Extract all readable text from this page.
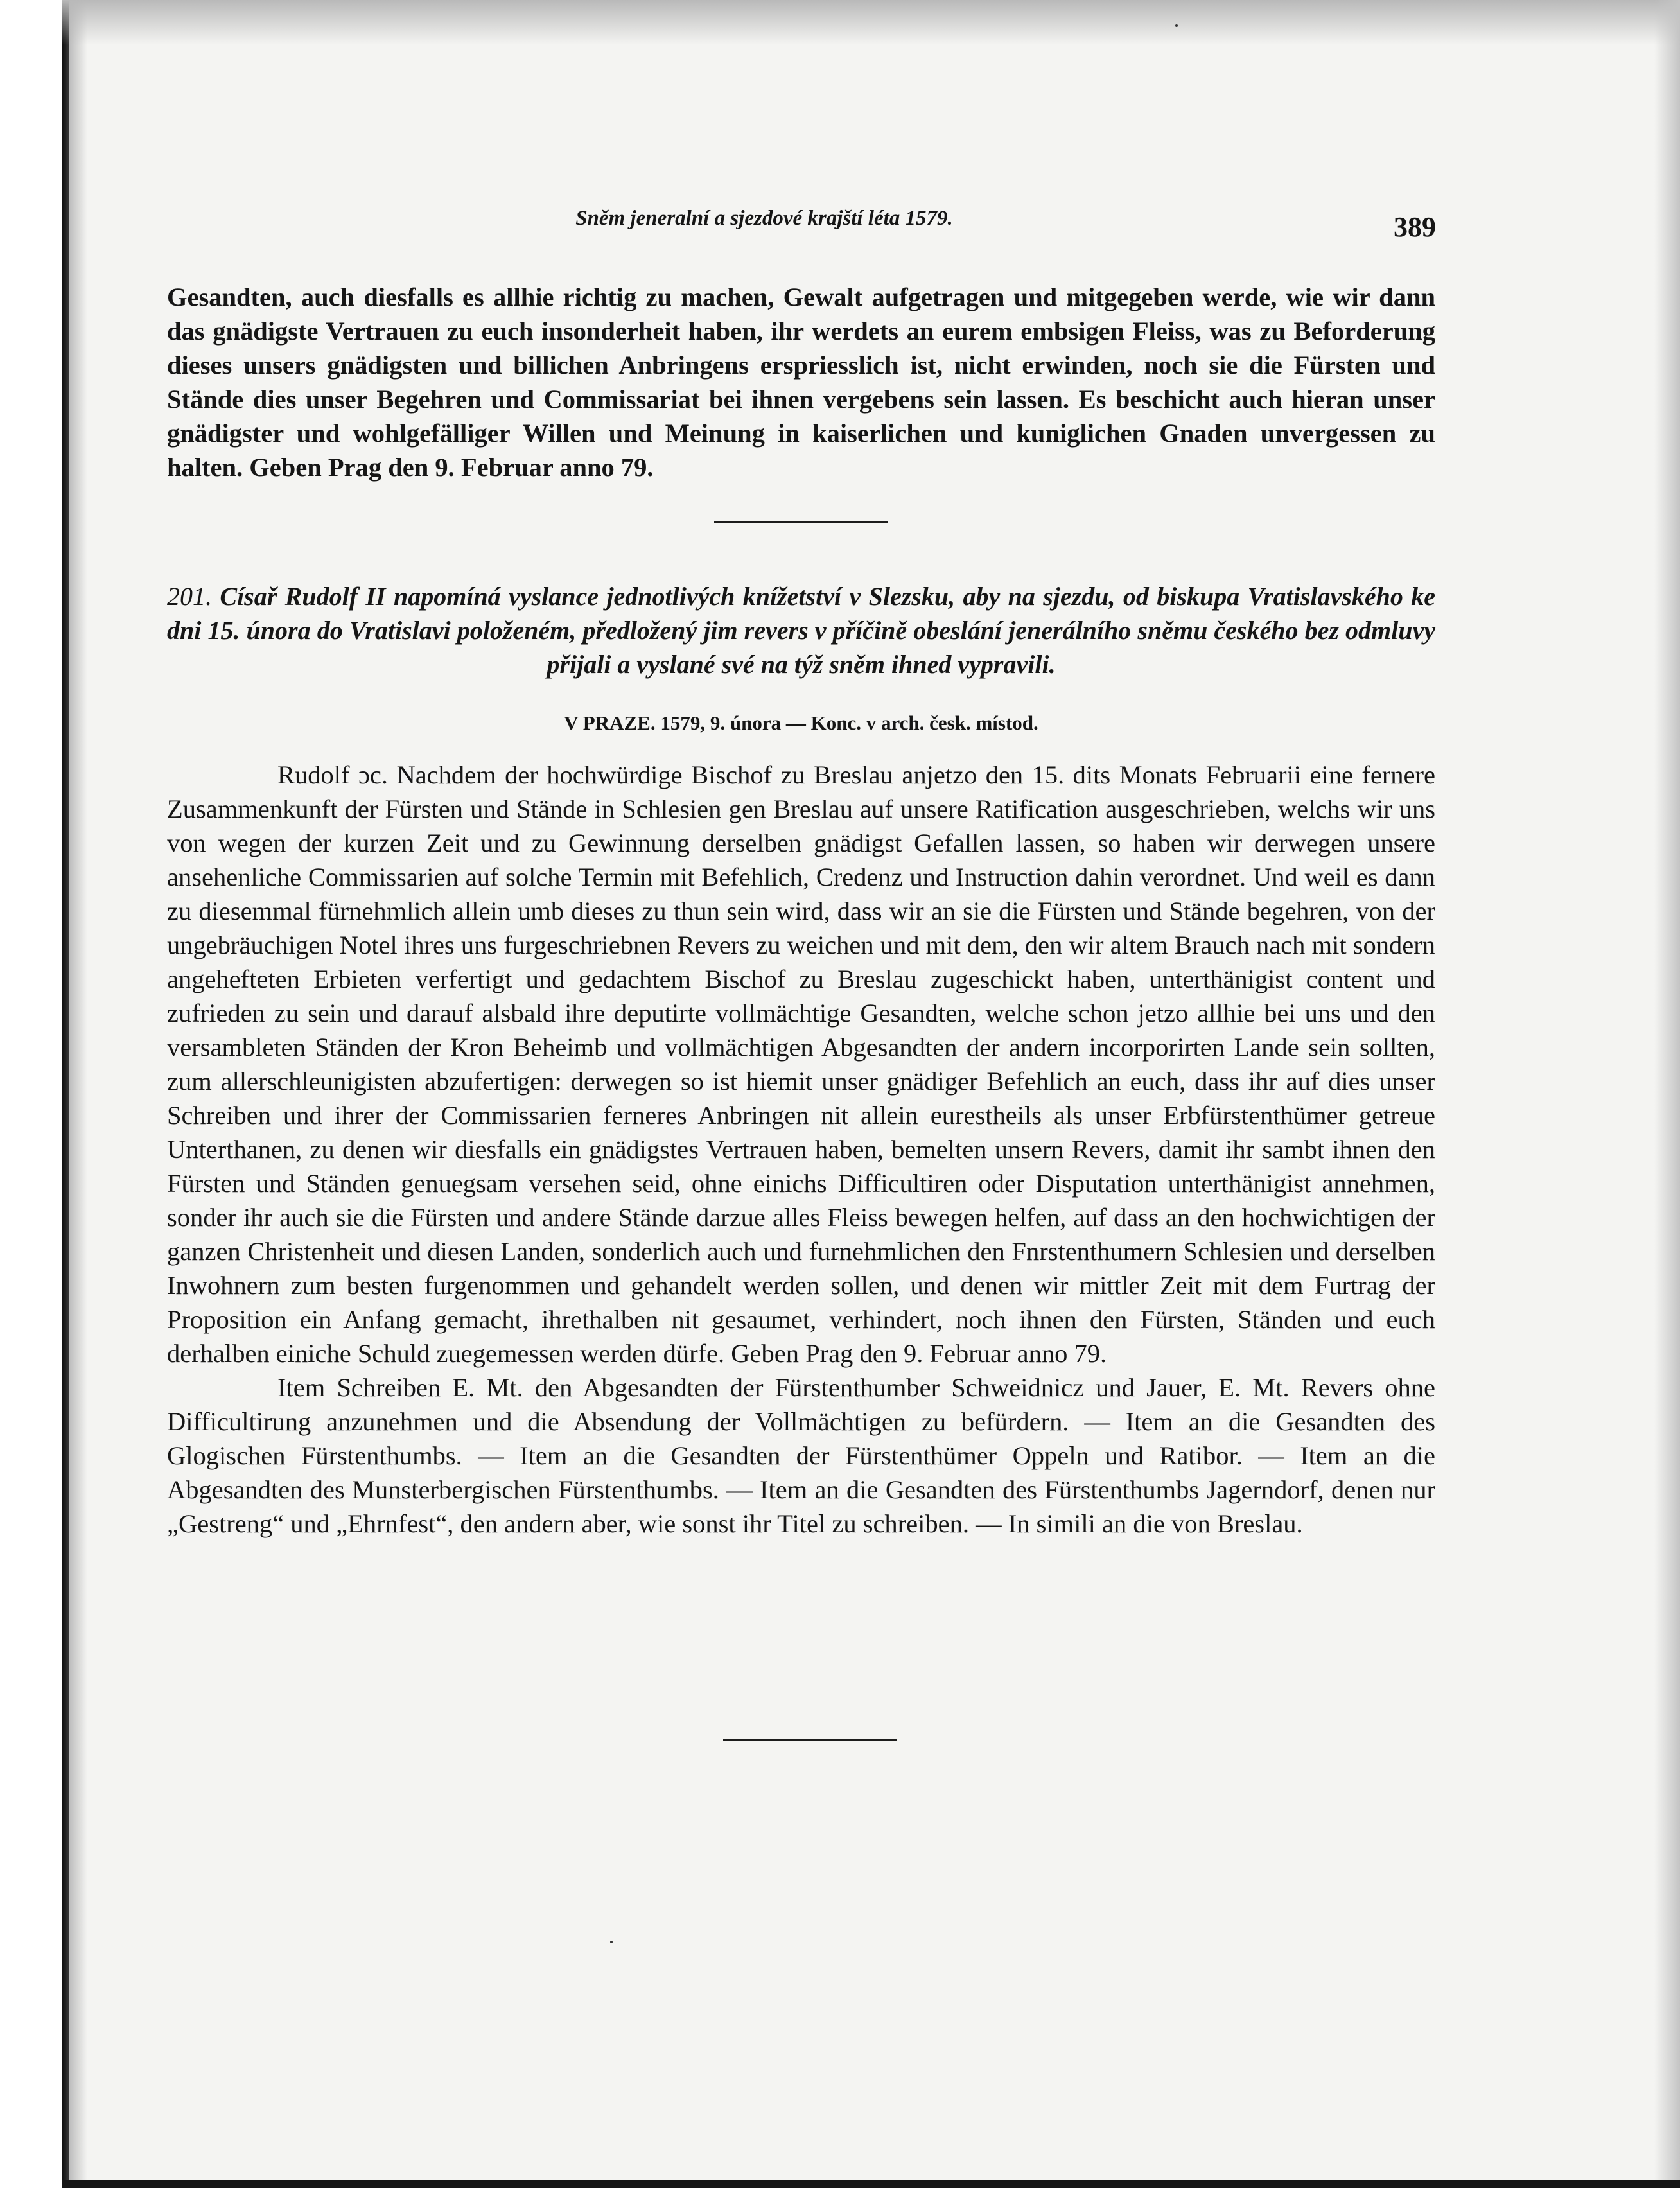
Sněm jeneralní a sjezdové krajští léta 1579.	389

Gesandten, auch diesfalls es allhie richtig zu machen, Gewalt aufgetragen und mitgegeben werde, wie wir dann das gnädigste Vertrauen zu euch insonderheit haben, ihr werdets an eurem embsigen Fleiss, was zu Beforderung dieses unsers gnädigsten und billichen Anbringens erspriesslich ist, nicht erwinden, noch sie die Fürsten und Stände dies unser Begehren und Commissariat bei ihnen vergebens sein lassen. Es beschicht auch hieran unser gnädigster und wohlgefälliger Willen und Meinung in kaiserlichen und kuniglichen Gnaden unvergessen zu halten. Geben Prag den 9. Februar anno 79.

201. Císař Rudolf II napomíná vyslance jednotlivých knížetství v Slezsku, aby na sjezdu, od biskupa Vratislavského ke dni 15. února do Vratislavi položeném, předložený jim revers v příčině obeslání jenerálního sněmu českého bez odmluvy přijali a vyslané své na týž sněm ihned vypravili.
V PRAZE. 1579, 9. února — Konc. v arch. česk. místod.

Rudolf ɔc. Nachdem der hochwürdige Bischof zu Breslau anjetzo den 15. dits Monats Februarii eine fernere Zusammenkunft der Fürsten und Stände in Schlesien gen Breslau auf unsere Ratification ausgeschrieben, welchs wir uns von wegen der kurzen Zeit und zu Gewinnung derselben gnädigst Gefallen lassen, so haben wir derwegen unsere ansehenliche Commissarien auf solche Termin mit Befehlich, Credenz und Instruction dahin verordnet. Und weil es dann zu diesemmal fürnehmlich allein umb dieses zu thun sein wird, dass wir an sie die Fürsten und Stände begehren, von der ungebräuchigen Notel ihres uns furgeschriebnen Revers zu weichen und mit dem, den wir altem Brauch nach mit sondern angehefteten Erbieten verfertigt und gedachtem Bischof zu Breslau zugeschickt haben, unterthänigist content und zufrieden zu sein und darauf alsbald ihre deputirte vollmächtige Gesandten, welche schon jetzo allhie bei uns und den versambleten Ständen der Kron Beheimb und vollmächtigen Abgesandten der andern incorporirten Lande sein sollten, zum allerschleunigisten abzufertigen: derwegen so ist hiemit unser gnädiger Befehlich an euch, dass ihr auf dies unser Schreiben und ihrer der Commissarien ferneres Anbringen nit allein eurestheils als unser Erbfürstenthümer getreue Unterthanen, zu denen wir diesfalls ein gnädigstes Vertrauen haben, bemelten unsern Revers, damit ihr sambt ihnen den Fürsten und Ständen genuegsam versehen seid, ohne einichs Difficultiren oder Disputation unterthänigist annehmen, sonder ihr auch sie die Fürsten und andere Stände darzue alles Fleiss bewegen helfen, auf dass an den hochwichtigen der ganzen Christenheit und diesen Landen, sonderlich auch und furnehmlichen den Fnrstenthumern Schlesien und derselben Inwohnern zum besten furgenommen und gehandelt werden sollen, und denen wir mittler Zeit mit dem Furtrag der Proposition ein Anfang gemacht, ihrethalben nit gesaumet, verhindert, noch ihnen den Fürsten, Ständen und euch derhalben einiche Schuld zuegemessen werden dürfe. Geben Prag den 9. Februar anno 79.

Item Schreiben E. Mt. den Abgesandten der Fürstenthumber Schweidnicz und Jauer, E. Mt. Revers ohne Difficultirung anzunehmen und die Absendung der Vollmächtigen zu befürdern. — Item an die Gesandten des Glogischen Fürstenthumbs. — Item an die Gesandten der Fürstenthümer Oppeln und Ratibor. — Item an die Abgesandten des Munsterbergischen Fürstenthumbs. — Item an die Gesandten des Fürstenthumbs Jagerndorf, denen nur „Gestreng“ und „Ehrnfest“, den andern aber, wie sonst ihr Titel zu schreiben. — In simili an die von Breslau.
